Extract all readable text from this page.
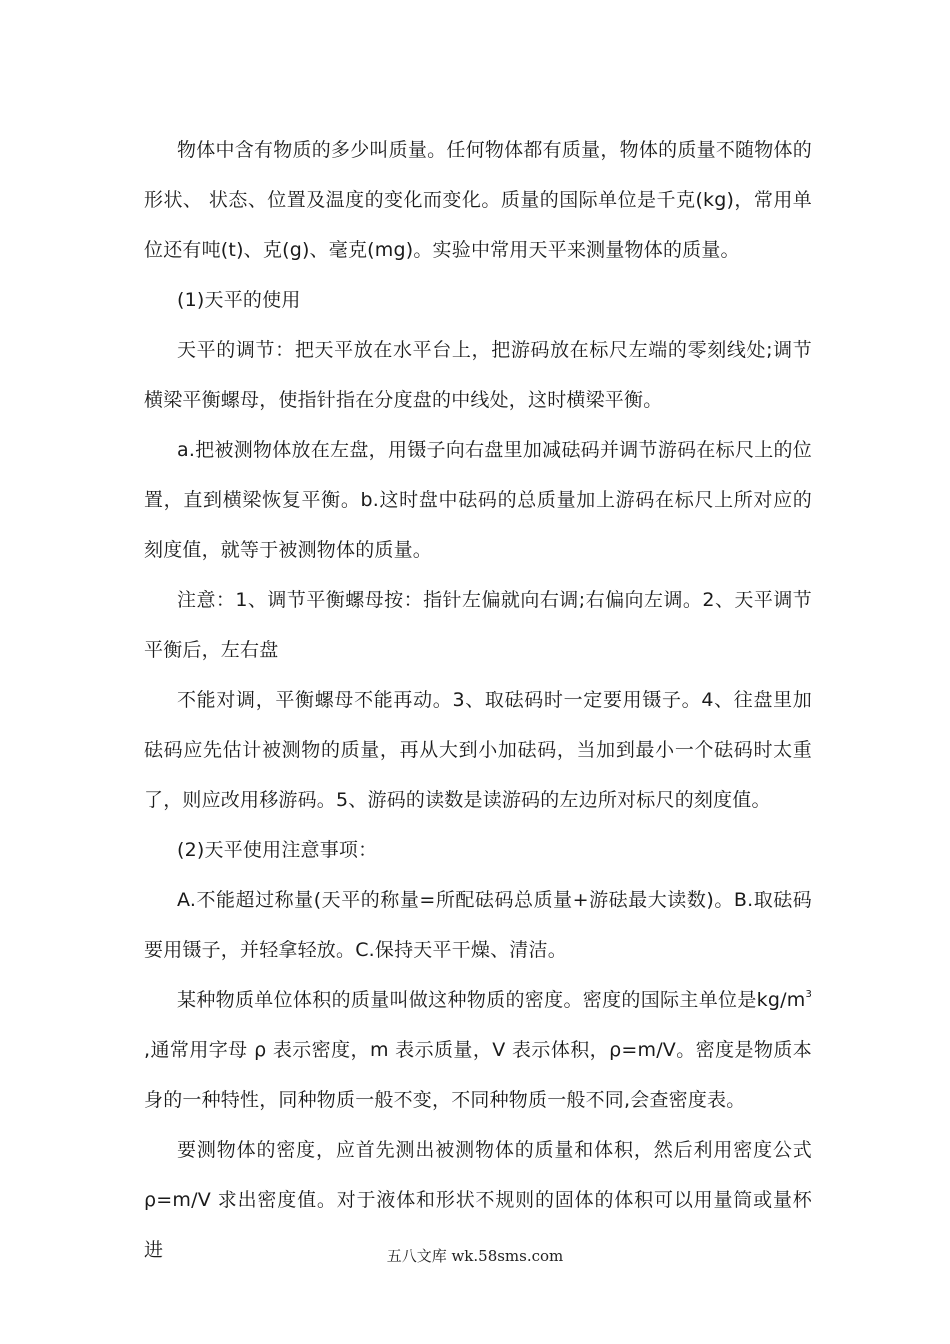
物体中含有物质的多少叫质量。任何物体都有质量，物体的质量不随物体的形状、 状态、位置及温度的变化而变化。质量的国际单位是千克(kg)，常用单位还有吨(t)、克(g)、毫克(mg)。实验中常用天平来测量物体的质量。

(1)天平的使用

天平的调节：把天平放在水平台上，把游码放在标尺左端的零刻线处;调节横梁平衡螺母，使指针指在分度盘的中线处，这时横梁平衡。

a.把被测物体放在左盘，用镊子向右盘里加减砝码并调节游码在标尺上的位置，直到横梁恢复平衡。b.这时盘中砝码的总质量加上游码在标尺上所对应的刻度值，就等于被测物体的质量。

注意：1、调节平衡螺母按：指针左偏就向右调;右偏向左调。2、天平调节平衡后，左右盘

不能对调，平衡螺母不能再动。3、取砝码时一定要用镊子。4、往盘里加砝码应先估计被测物的质量，再从大到小加砝码，当加到最小一个砝码时太重了，则应改用移游码。5、游码的读数是读游码的左边所对标尺的刻度值。

(2)天平使用注意事项：

A.不能超过称量(天平的称量=所配砝码总质量+游砝最大读数)。B.取砝码要用镊子，并轻拿轻放。C.保持天平干燥、清洁。

某种物质单位体积的质量叫做这种物质的密度。密度的国际主单位是$kg/m^3$ ,通常用字母 ρ 表示密度，m 表示质量，V 表示体积，ρ=m/V。密度是物质本身的一种特性，同种物质一般不变，不同种物质一般不同,会查密度表。

要测物体的密度，应首先测出被测物体的质量和体积，然后利用密度公式ρ=m/V 求出密度值。对于液体和形状不规则的固体的体积可以用量筒或量杯进	五八文库 wk.58sms.com
